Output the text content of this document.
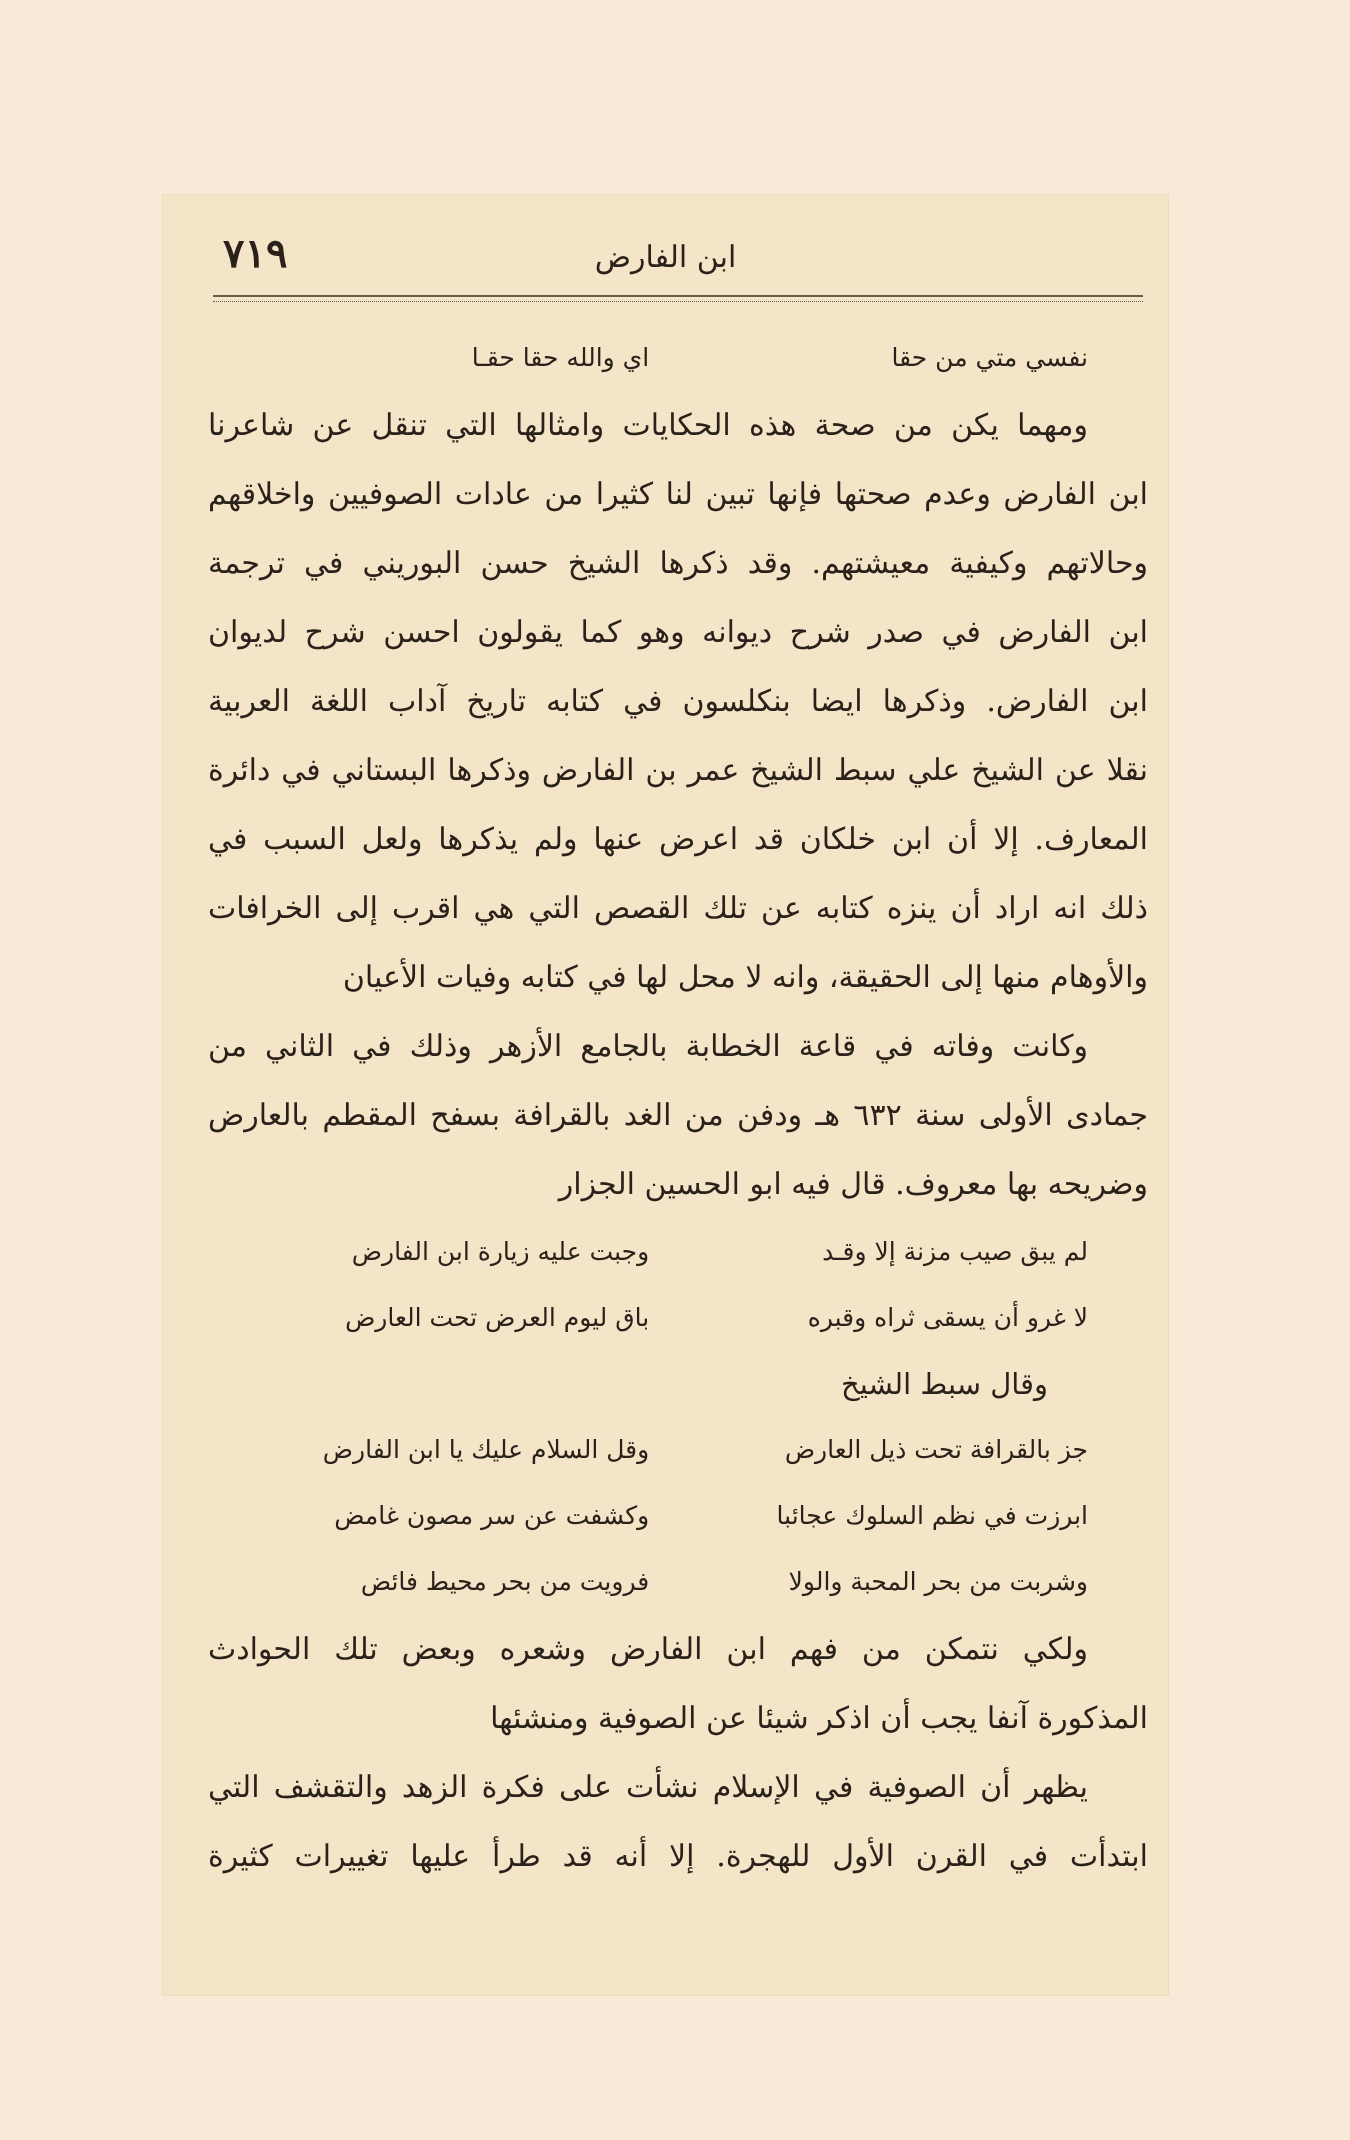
٧١٩	ابن الفارض
نفسي متي من حقا
اي والله حقا حقـا
ومهما يكن من صحة هذه الحكايات وامثالها التي تنقل عن شاعرنا
ابن الفارض وعدم صحتها فإنها تبين لنا كثيرا من عادات الصوفيين واخلاقهم
وحالاتهم وكيفية معيشتهم. وقد ذكرها الشيخ حسن البوريني في ترجمة
ابن الفارض في صدر شرح ديوانه وهو كما يقولون احسن شرح لديوان
ابن الفارض. وذكرها ايضا بنكلسون في كتابه تاريخ آداب اللغة العربية
نقلا عن الشيخ علي سبط الشيخ عمر بن الفارض وذكرها البستاني في دائرة
المعارف. إلا أن ابن خلكان قد اعرض عنها ولم يذكرها ولعل السبب في
ذلك انه اراد أن ينزه كتابه عن تلك القصص التي هي اقرب إلى الخرافات
والأوهام منها إلى الحقيقة، وانه لا محل لها في كتابه وفيات الأعيان
وكانت وفاته في قاعة الخطابة بالجامع الأزهر وذلك في الثاني من
جمادى الأولى سنة ٦٣٢ هـ ودفن من الغد بالقرافة بسفح المقطم بالعارض
وضريحه بها معروف. قال فيه ابو الحسين الجزار
لم يبق صيب مزنة إلا وقـد
وجبت عليه زيارة ابن الفارض
لا غرو أن يسقى ثراه وقبره
باق ليوم العرض تحت العارض
وقال سبط الشيخ
جز بالقرافة تحت ذيل العارض
وقل السلام عليك يا ابن الفارض
ابرزت في نظم السلوك عجائبا
وكشفت عن سر مصون غامض
وشربت من بحر المحبة والولا
فرويت من بحر محيط فائض
ولكي نتمكن من فهم ابن الفارض وشعره وبعض تلك الحوادث
المذكورة آنفا يجب أن اذكر شيئا عن الصوفية ومنشئها
يظهر أن الصوفية في الإسلام نشأت على فكرة الزهد والتقشف التي
ابتدأت في القرن الأول للهجرة. إلا أنه قد طرأ عليها تغييرات كثيرة
